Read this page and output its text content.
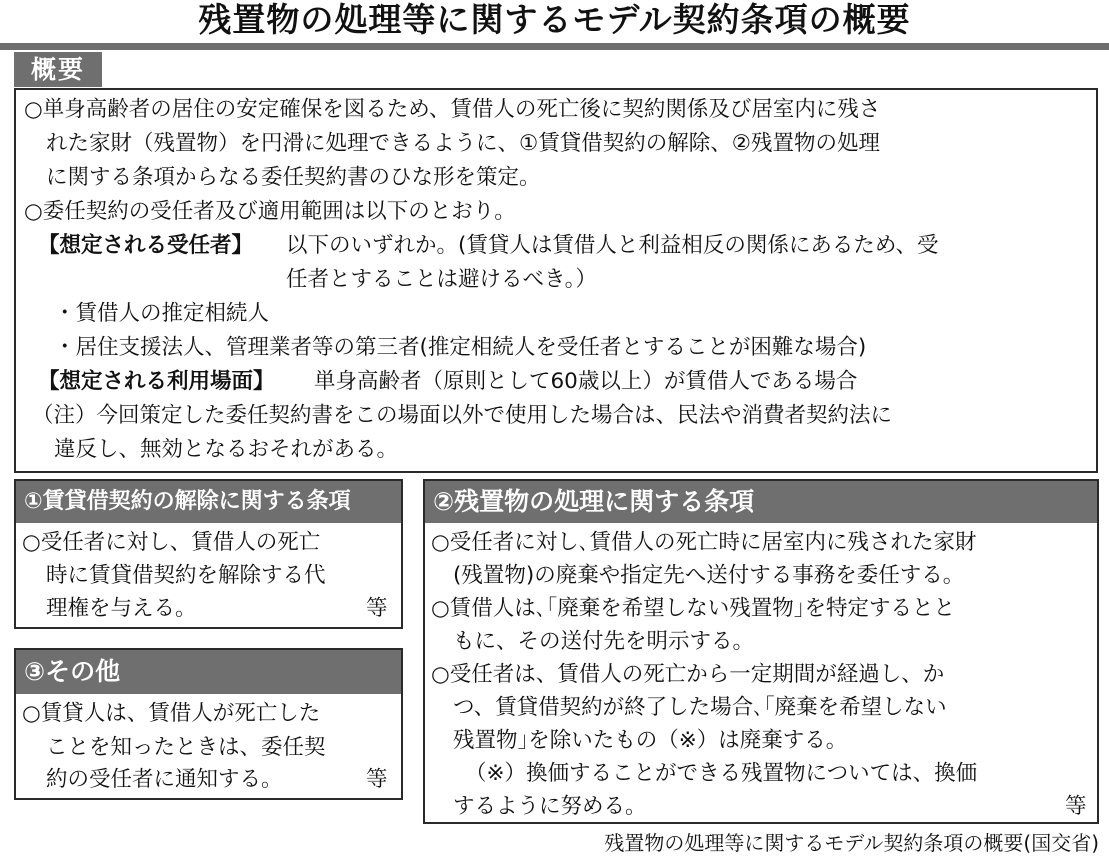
残置物の処理等に関するモデル契約条項の概要
概要
○単身高齢者の居住の安定確保を図るため、賃借人の死亡後に契約関係及び居室内に残さ
れた家財（残置物）を円滑に処理できるように、①賃貸借契約の解除、②残置物の処理
に関する条項からなる委任契約書のひな形を策定。
○委任契約の受任者及び適用範囲は以下のとおり。
【想定される受任者】 以下のいずれか。(賃貸人は賃借人と利益相反の関係にあるため、受
任者とすることは避けるべき。）
・賃借人の推定相続人
・居住支援法人、管理業者等の第三者(推定相続人を受任者とすることが困難な場合)
【想定される利用場面】 単身高齢者（原則として60歳以上）が賃借人である場合
（注）今回策定した委任契約書をこの場面以外で使用した場合は、民法や消費者契約法に
違反し、無効となるおそれがある。
①賃貸借契約の解除に関する条項
○受任者に対し、賃借人の死亡
時に賃貸借契約を解除する代
理権を与える。	等
③その他
○賃貸人は、賃借人が死亡した
ことを知ったときは、委任契
約の受任者に通知する。	等
②残置物の処理に関する条項
○受任者に対し､賃借人の死亡時に居室内に残された家財
(残置物)の廃棄や指定先へ送付する事務を委任する。
○賃借人は､｢廃棄を希望しない残置物｣を特定するとと
もに、その送付先を明示する。
○受任者は、賃借人の死亡から一定期間が経過し、か
つ、賃貸借契約が終了した場合､｢廃棄を希望しない
残置物｣を除いたもの（※）は廃棄する。
（※）換価することができる残置物については、換価
するように努める。	等
残置物の処理等に関するモデル契約条項の概要(国交省)
